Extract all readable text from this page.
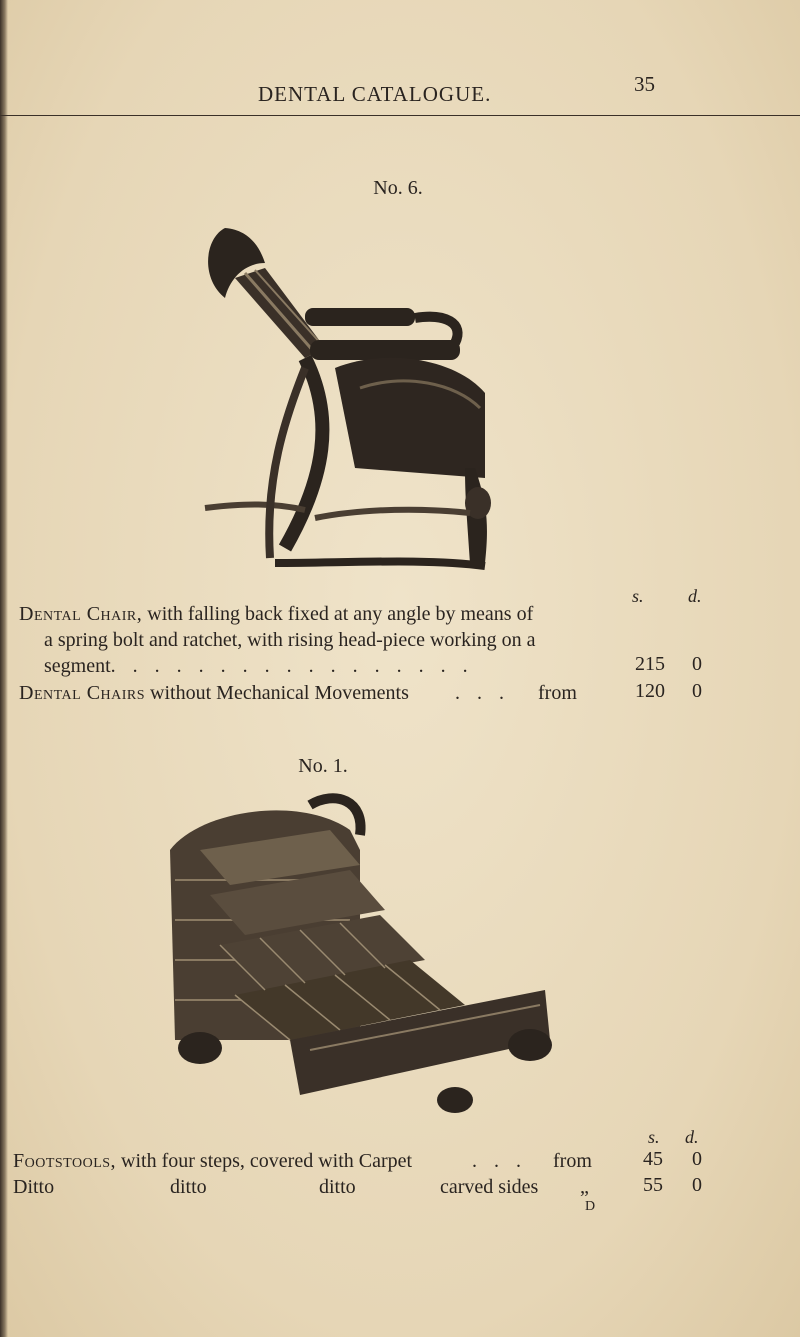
DENTAL CATALOGUE.	35
No. 6.
s. d.
Dental Chair, with falling back fixed at any angle by means of
a spring bolt and ratchet, with rising head-piece working on a
segment. . . . . . . . . . . . . . . . .	215	0
Dental Chairs without Mechanical Movements . . . from	120	0
No. 1.
s. d.
Footstools, with four steps, covered with Carpet	. . . from	45	0
Ditto	ditto	ditto	carved sides „	55	0
D
